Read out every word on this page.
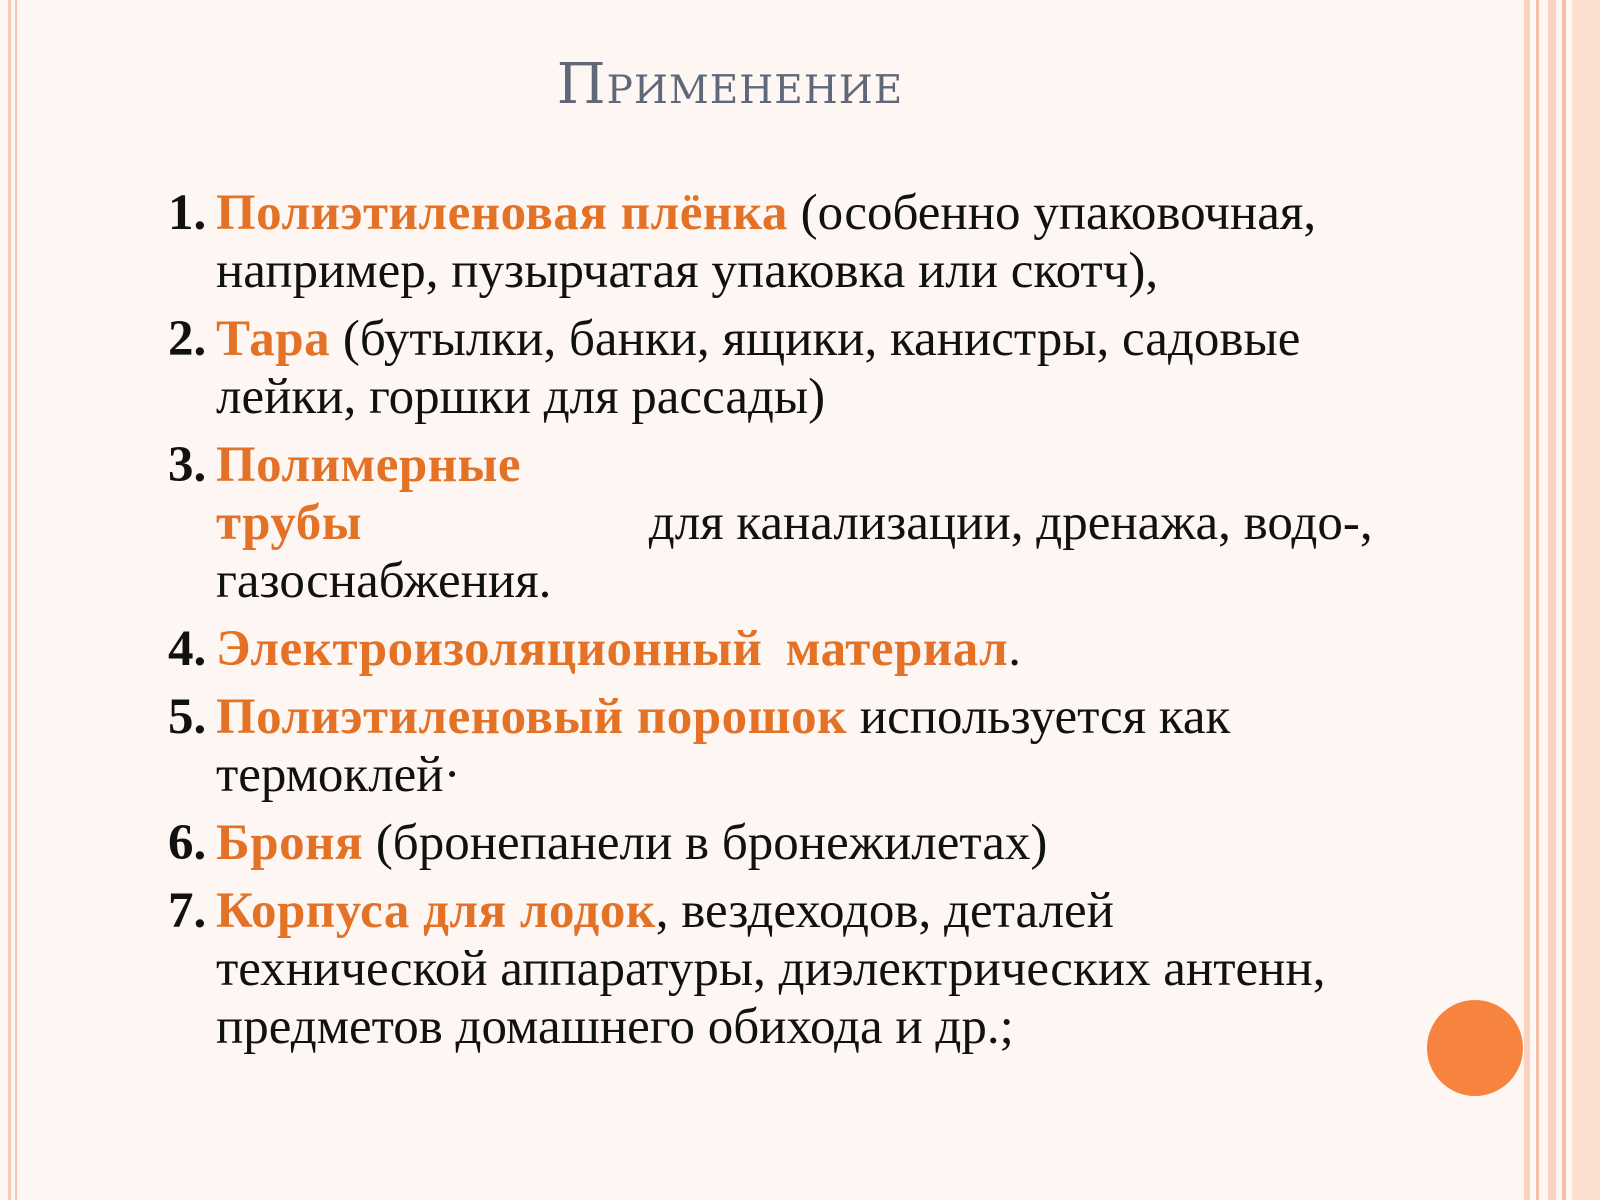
Применение
1. Полиэтиленовая плёнка (особенно упаковочная, например, пузырчатая упаковка или скотч),
2. Тара (бутылки, банки, ящики, канистры, садовые лейки, горшки для рассады)
3. Полимерные трубы	для канализации, дренажа, водо-, газоснабжения.
4. Электроизоляционный материал.
5. Полиэтиленовый порошок используется как термоклей·
6. Броня (бронепанели в бронежилетах)
7. Корпуса для лодок, вездеходов, деталей технической аппаратуры, диэлектрических антенн, предметов домашнего обихода и др.;
